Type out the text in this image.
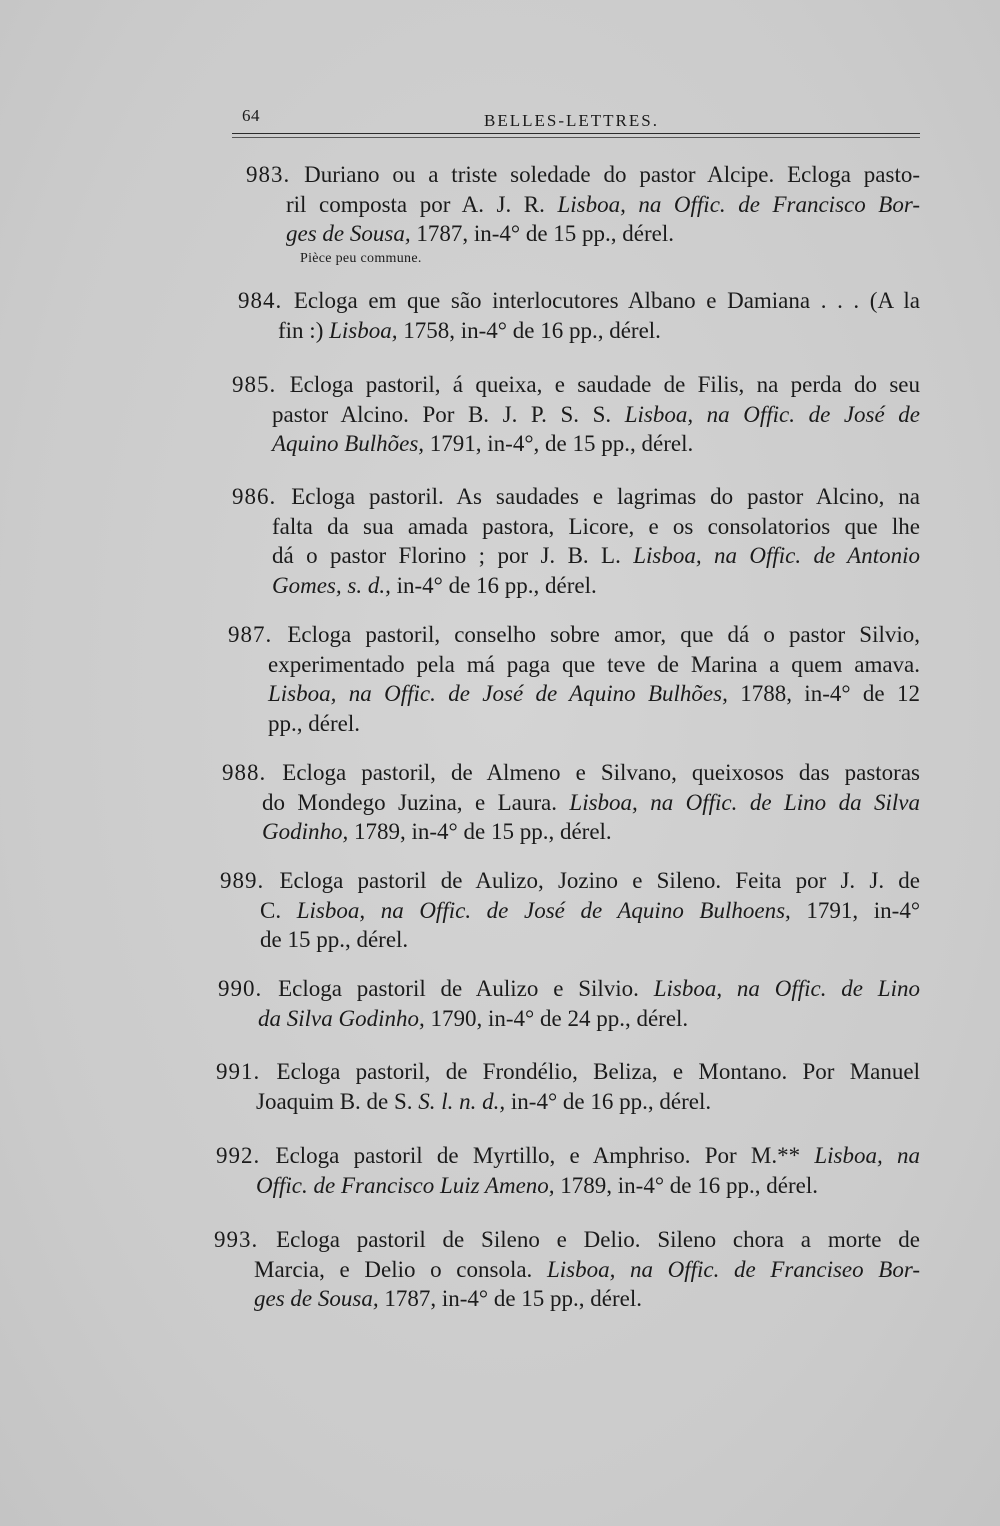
64	BELLES-LETTRES.
983. Duriano ou a triste soledade do pastor Alcipe. Ecloga pasto-
ril composta por A. J. R. Lisboa, na Offic. de Francisco Bor-
ges de Sousa, 1787, in-4° de 15 pp., dérel.
984. Ecloga em que são interlocutores Albano e Damiana . . . (A la
fin :) Lisboa, 1758, in-4° de 16 pp., dérel.
985. Ecloga pastoril, á queixa, e saudade de Filis, na perda do seu
pastor Alcino. Por B. J. P. S. S. Lisboa, na Offic. de José de
Aquino Bulhões, 1791, in-4°, de 15 pp., dérel.
986. Ecloga pastoril. As saudades e lagrimas do pastor Alcino, na
falta da sua amada pastora, Licore, e os consolatorios que lhe
dá o pastor Florino ; por J. B. L. Lisboa, na Offic. de Antonio
Gomes, s. d., in-4° de 16 pp., dérel.
987. Ecloga pastoril, conselho sobre amor, que dá o pastor Silvio,
experimentado pela má paga que teve de Marina a quem amava.
Lisboa, na Offic. de José de Aquino Bulhões, 1788, in-4° de 12
pp., dérel.
988. Ecloga pastoril, de Almeno e Silvano, queixosos das pastoras
do Mondego Juzina, e Laura. Lisboa, na Offic. de Lino da Silva
Godinho, 1789, in-4° de 15 pp., dérel.
989. Ecloga pastoril de Aulizo, Jozino e Sileno. Feita por J. J. de
C. Lisboa, na Offic. de José de Aquino Bulhoens, 1791, in-4°
de 15 pp., dérel.
990. Ecloga pastoril de Aulizo e Silvio. Lisboa, na Offic. de Lino
da Silva Godinho, 1790, in-4° de 24 pp., dérel.
991. Ecloga pastoril, de Frondélio, Beliza, e Montano. Por Manuel
Joaquim B. de S. S. l. n. d., in-4° de 16 pp., dérel.
992. Ecloga pastoril de Myrtillo, e Amphriso. Por M.** Lisboa, na
Offic. de Francisco Luiz Ameno, 1789, in-4° de 16 pp., dérel.
993. Ecloga pastoril de Sileno e Delio. Sileno chora a morte de
Marcia, e Delio o consola. Lisboa, na Offic. de Franciseo Bor-
ges de Sousa, 1787, in-4° de 15 pp., dérel.
Pièce peu commune.
